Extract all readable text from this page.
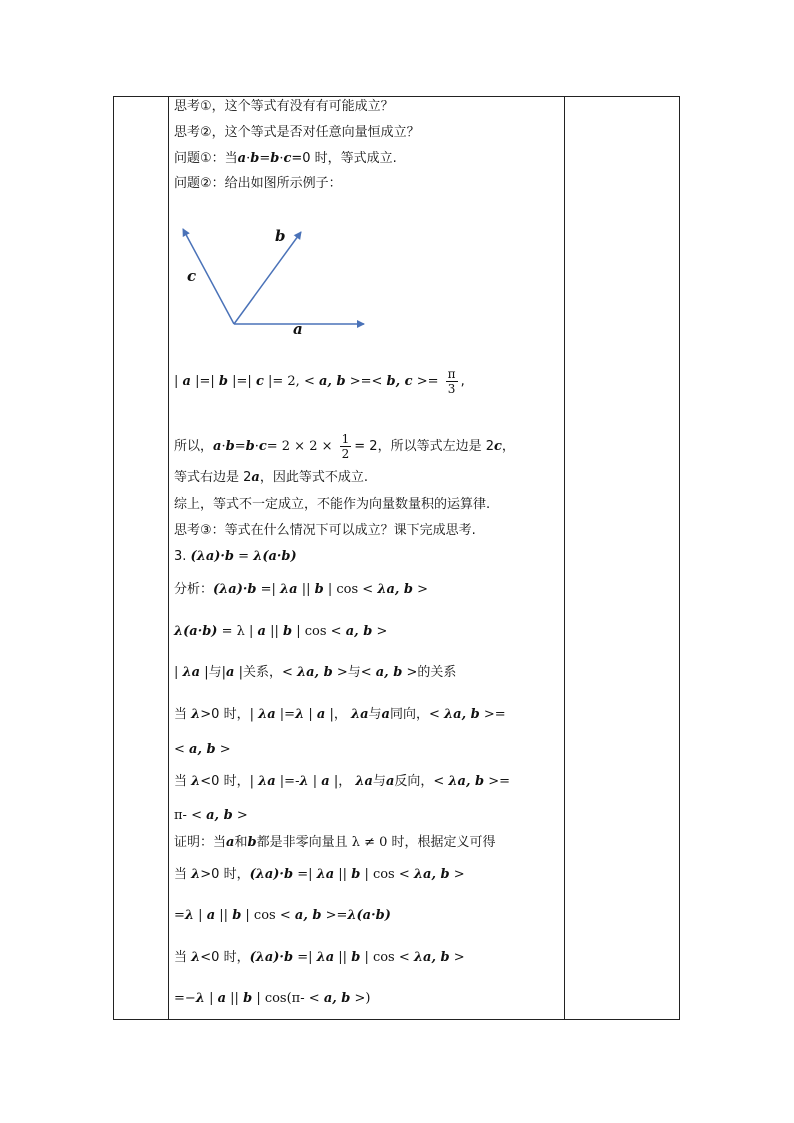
思考①，这个等式有没有有可能成立？
思考②，这个等式是否对任意向量恒成立？
问题①：当a·b=b·c=0 时，等式成立.
问题②：给出如图所示例子：
b
c
a
| a |=| b |=| c |= 2, < a, b >=< b, $c >= \frac{\pi}{3}$ ,
所以，$a\cdot b=b\cdot c= 2 \times 2 \times \frac{1}{2} = 2$，所以等式左边是 2c，
等式右边是 2a，因此等式不成立.
综上，等式不一定成立，不能作为向量数量积的运算律.
思考③：等式在什么情况下可以成立？课下完成思考.
3. (λa)·b = λ(a·b)
分析：(λa)·b =| λa || b | cos < λa, b >
λ(a·b) = λ | a || b | cos < a, b >
| λa |与|a |关系，< λa, b >与< a, b >的关系
当 λ>0 时，| λa |=λ | a |， λa与a同向，< λa, b >=
< a, b >
当 λ<0 时，| λa |=-λ | a |， λa与a反向，< λa, b >=
π- < a, b >
证明：当a和b都是非零向量且 λ ≠ 0 时，根据定义可得
当 λ>0 时，(λa)·b =| λa || b | cos < λa, b >
=λ | a || b | cos < a, b >=λ(a·b)
当 λ<0 时，(λa)·b =| λa || b | cos < λa, b >
=−λ | a || b | cos(π- < a, b >)
